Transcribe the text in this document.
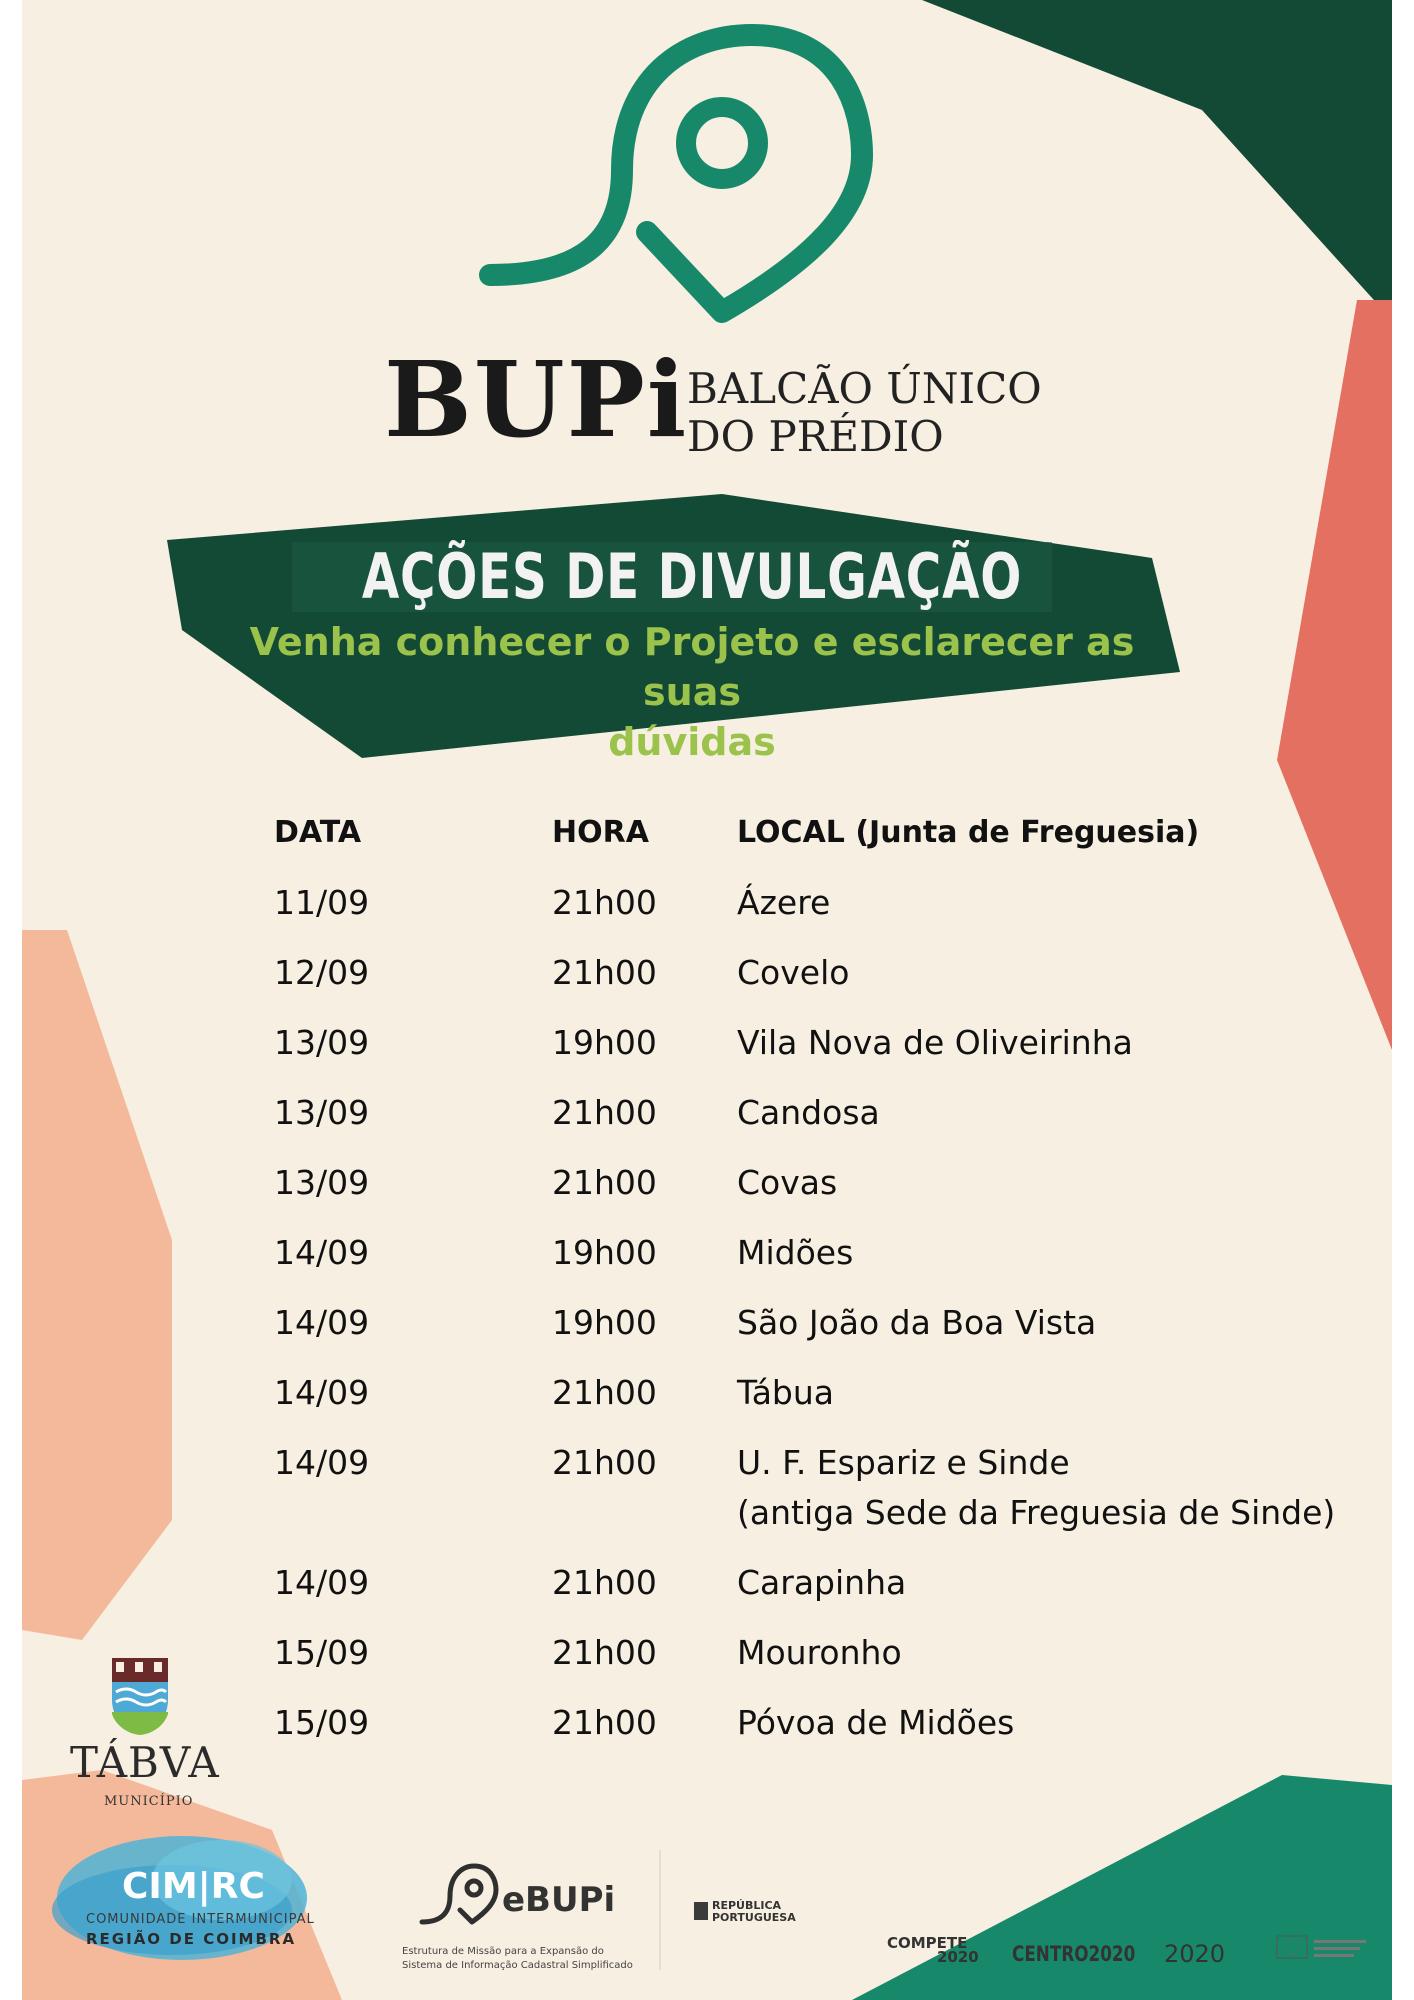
BUPi
BALCÃO ÚNICO
DO PRÉDIO
AÇÕES DE DIVULGAÇÃO
Venha conhecer o Projeto e esclarecer as suas
dúvidas
DATA	HORA	LOCAL (Junta de Freguesia)
11/09	21h00	Ázere
12/09	21h00	Covelo
13/09	19h00	Vila Nova de Oliveirinha
13/09	21h00	Candosa
13/09	21h00	Covas
14/09	19h00	Midões
14/09	19h00	São João da Boa Vista
14/09	21h00	Tábua
14/09	21h00	U. F. Espariz e Sinde
(antiga Sede da Freguesia de Sinde)
14/09	21h00	Carapinha
15/09	21h00	Mouronho
15/09	21h00	Póvoa de Midões
TÁBVA
MUNICÍPIO
CIM|RC
COMUNIDADE INTERMUNICIPAL
REGIÃO DE COIMBRA
eBUPi
Estrutura de Missão para a Expansão do
Sistema de Informação Cadastral Simplificado
REPÚBLICA
PORTUGUESA
COMPETE
2020 CENTRO2020 2020
